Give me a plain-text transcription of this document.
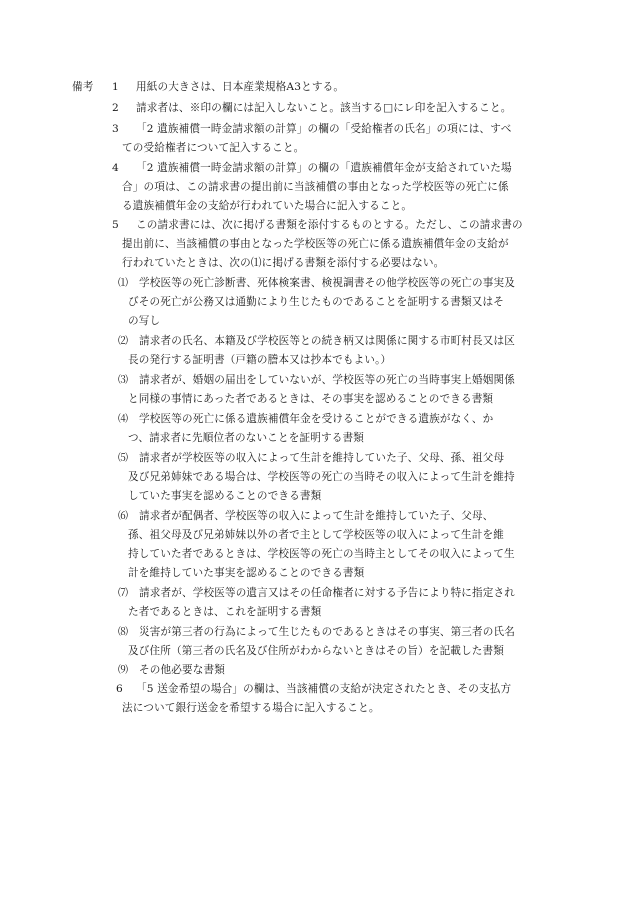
備考 1 用紙の大きさは、日本産業規格A3とする。
2 請求者は、※印の欄には記入しないこと。該当する□にレ印を記入すること。
3 「2 遺族補償一時金請求額の計算」の欄の「受給権者の氏名」の項には、すべ
ての受給権者について記入すること。
4 「2 遺族補償一時金請求額の計算」の欄の「遺族補償年金が支給されていた場
合」の項は、この請求書の提出前に当該補償の事由となった学校医等の死亡に係
る遺族補償年金の支給が行われていた場合に記入すること。
5 この請求書には、次に掲げる書類を添付するものとする。ただし、この請求書の
提出前に、当該補償の事由となった学校医等の死亡に係る遺族補償年金の支給が
行われていたときは、次の⑴に掲げる書類を添付する必要はない。
⑴ 学校医等の死亡診断書、死体検案書、検視調書その他学校医等の死亡の事実及
びその死亡が公務又は通勤により生じたものであることを証明する書類又はそ
の写し
⑵ 請求者の氏名、本籍及び学校医等との続き柄又は関係に関する市町村長又は区
長の発行する証明書（戸籍の謄本又は抄本でもよい。）
⑶ 請求者が、婚姻の届出をしていないが、学校医等の死亡の当時事実上婚姻関係
と同様の事情にあった者であるときは、その事実を認めることのできる書類
⑷ 学校医等の死亡に係る遺族補償年金を受けることができる遺族がなく、か
つ、請求者に先順位者のないことを証明する書類
⑸ 請求者が学校医等の収入によって生計を維持していた子、父母、孫、祖父母
及び兄弟姉妹である場合は、学校医等の死亡の当時その収入によって生計を維持
していた事実を認めることのできる書類
⑹ 請求者が配偶者、学校医等の収入によって生計を維持していた子、父母、
孫、祖父母及び兄弟姉妹以外の者で主として学校医等の収入によって生計を維
持していた者であるときは、学校医等の死亡の当時主としてその収入によって生
計を維持していた事実を認めることのできる書類
⑺ 請求者が、学校医等の遺言又はその任命権者に対する予告により特に指定され
た者であるときは、これを証明する書類
⑻ 災害が第三者の行為によって生じたものであるときはその事実、第三者の氏名
及び住所（第三者の氏名及び住所がわからないときはその旨）を記載した書類
⑼ その他必要な書類
6 「5 送金希望の場合」の欄は、当該補償の支給が決定されたとき、その支払方
法について銀行送金を希望する場合に記入すること。
